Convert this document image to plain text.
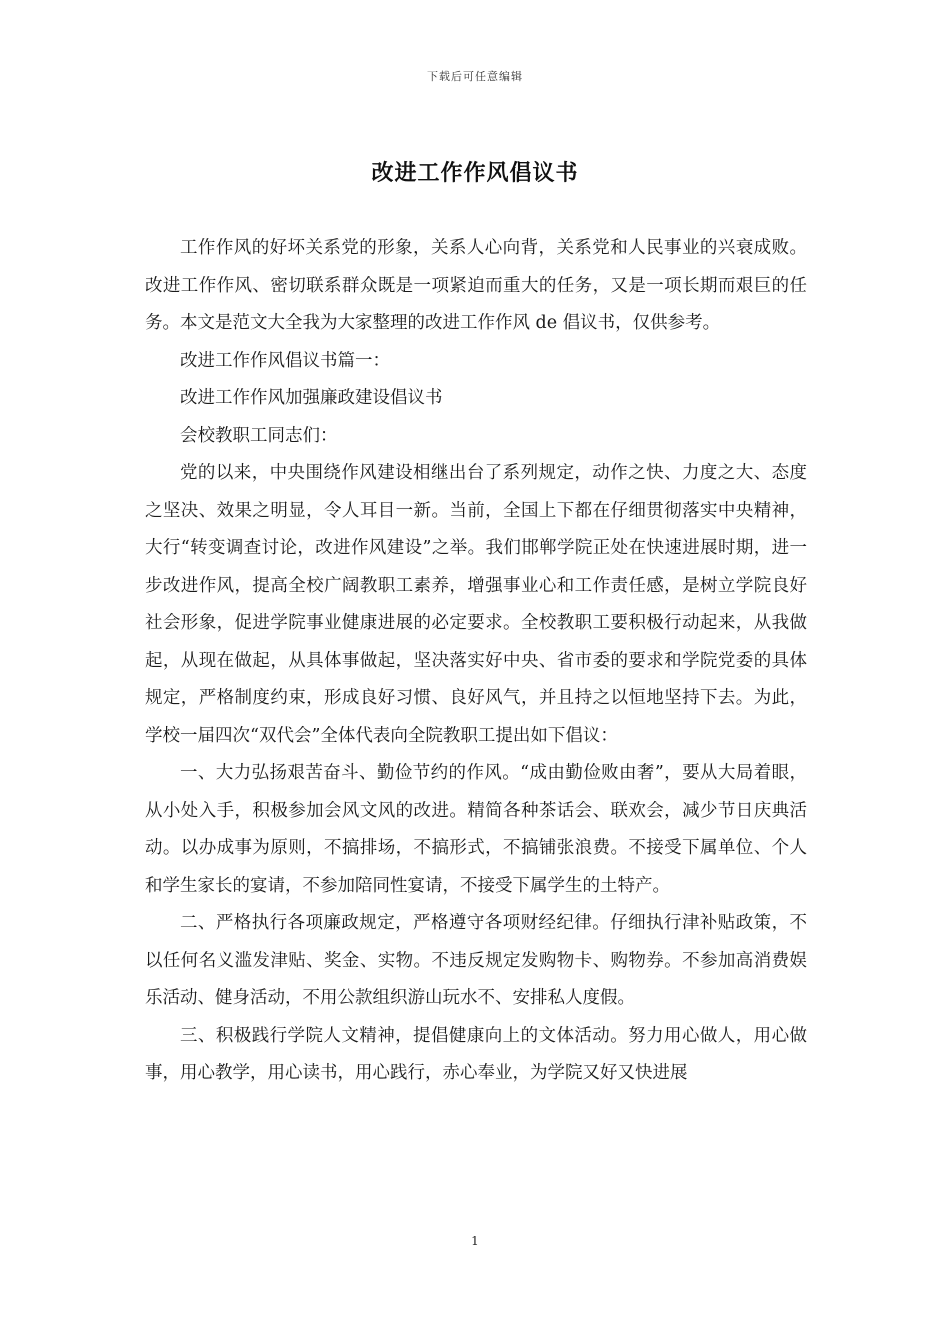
下载后可任意编辑
改进工作作风倡议书

工作作风的好坏关系党的形象，关系人心向背，关系党和人民事业的兴衰成败。改进工作作风、密切联系群众既是一项紧迫而重大的任务，又是一项长期而艰巨的任务。本文是范文大全我为大家整理的改进工作作风 de 倡议书，仅供参考。

改进工作作风倡议书篇一：

改进工作作风加强廉政建设倡议书

会校教职工同志们：

党的以来，中央围绕作风建设相继出台了系列规定，动作之快、力度之大、态度之坚决、效果之明显，令人耳目一新。当前，全国上下都在仔细贯彻落实中央精神，大行“转变调查讨论，改进作风建设”之举。我们邯郸学院正处在快速进展时期，进一步改进作风，提高全校广阔教职工素养，增强事业心和工作责任感，是树立学院良好社会形象，促进学院事业健康进展的必定要求。全校教职工要积极行动起来，从我做起，从现在做起，从具体事做起，坚决落实好中央、省市委的要求和学院党委的具体规定，严格制度约束，形成良好习惯、良好风气，并且持之以恒地坚持下去。为此，学校一届四次“双代会”全体代表向全院教职工提出如下倡议：

一、大力弘扬艰苦奋斗、勤俭节约的作风。“成由勤俭败由奢”，要从大局着眼，从小处入手，积极参加会风文风的改进。精简各种茶话会、联欢会，减少节日庆典活动。以办成事为原则，不搞排场，不搞形式，不搞铺张浪费。不接受下属单位、个人和学生家长的宴请，不参加陪同性宴请，不接受下属学生的土特产。

二、严格执行各项廉政规定，严格遵守各项财经纪律。仔细执行津补贴政策，不以任何名义滥发津贴、奖金、实物。不违反规定发购物卡、购物券。不参加高消费娱乐活动、健身活动，不用公款组织游山玩水不、安排私人度假。

三、积极践行学院人文精神，提倡健康向上的文体活动。努力用心做人，用心做事，用心教学，用心读书，用心践行，赤心奉业，为学院又好又快进展

1
